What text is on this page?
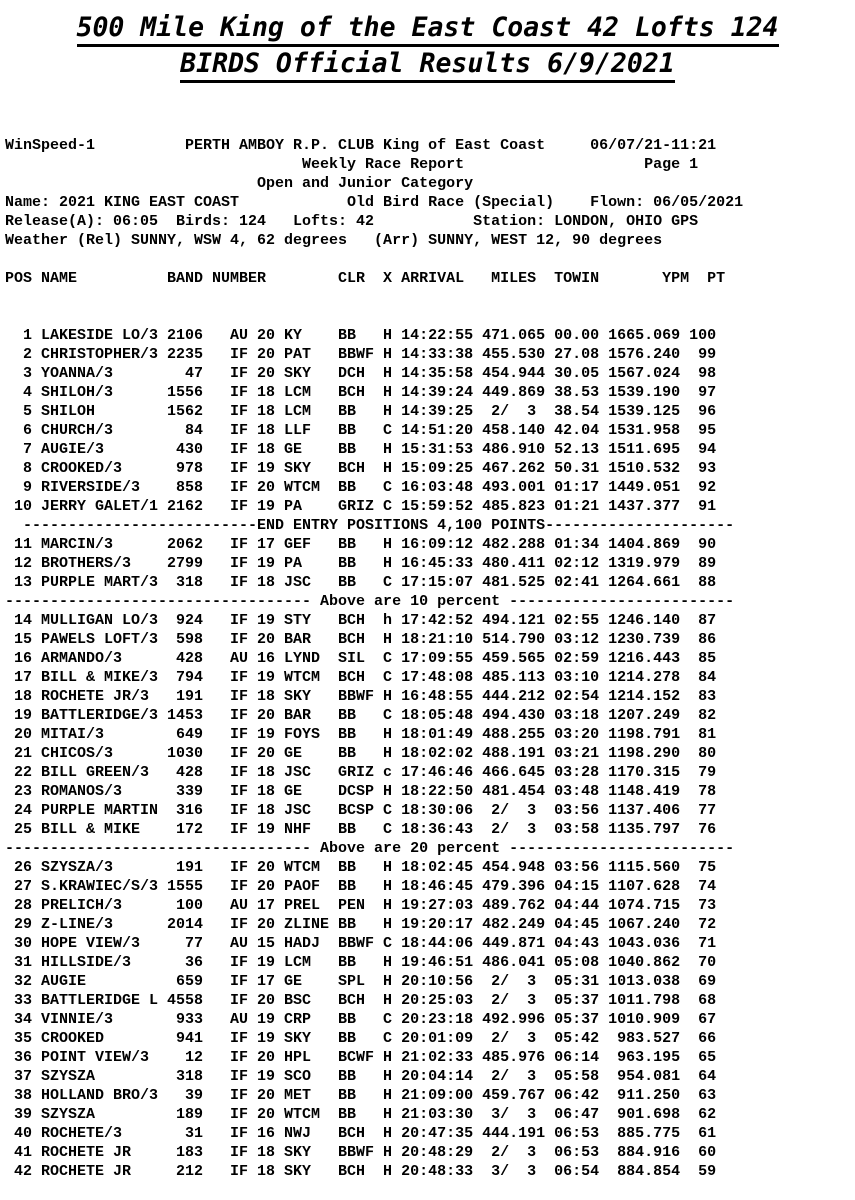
500 Mile King of the East Coast 42 Lofts 124
BIRDS Official Results 6/9/2021

WinSpeed-1          PERTH AMBOY R.P. CLUB King of East Coast     06/07/21-11:21
Weekly Race Report                    Page 1
Open and Junior Category
Name: 2021 KING EAST COAST            Old Bird Race (Special)    Flown: 06/05/2021
Release(A): 06:05  Birds: 124   Lofts: 42           Station: LONDON, OHIO GPS
Weather (Rel) SUNNY, WSW 4, 62 degrees   (Arr) SUNNY, WEST 12, 90 degrees

POS NAME          BAND NUMBER        CLR  X ARRIVAL   MILES  TOWIN       YPM  PT

1 LAKESIDE LO/3 2106   AU 20 KY    BB   H 14:22:55 471.065 00.00 1665.069 100
2 CHRISTOPHER/3 2235   IF 20 PAT   BBWF H 14:33:38 455.530 27.08 1576.240  99
3 YOANNA/3        47   IF 20 SKY   DCH  H 14:35:58 454.944 30.05 1567.024  98
4 SHILOH/3      1556   IF 18 LCM   BCH  H 14:39:24 449.869 38.53 1539.190  97
5 SHILOH        1562   IF 18 LCM   BB   H 14:39:25  2/  3  38.54 1539.125  96
6 CHURCH/3        84   IF 18 LLF   BB   C 14:51:20 458.140 42.04 1531.958  95
7 AUGIE/3        430   IF 18 GE    BB   H 15:31:53 486.910 52.13 1511.695  94
8 CROOKED/3      978   IF 19 SKY   BCH  H 15:09:25 467.262 50.31 1510.532  93
9 RIVERSIDE/3    858   IF 20 WTCM  BB   C 16:03:48 493.001 01:17 1449.051  92
10 JERRY GALET/1 2162   IF 19 PA    GRIZ C 15:59:52 485.823 01:21 1437.377  91
--------------------------END ENTRY POSITIONS 4,100 POINTS---------------------
11 MARCIN/3      2062   IF 17 GEF   BB   H 16:09:12 482.288 01:34 1404.869  90
12 BROTHERS/3    2799   IF 19 PA    BB   H 16:45:33 480.411 02:12 1319.979  89
13 PURPLE MART/3  318   IF 18 JSC   BB   C 17:15:07 481.525 02:41 1264.661  88
---------------------------------- Above are 10 percent -------------------------
14 MULLIGAN LO/3  924   IF 19 STY   BCH  h 17:42:52 494.121 02:55 1246.140  87
15 PAWELS LOFT/3  598   IF 20 BAR   BCH  H 18:21:10 514.790 03:12 1230.739  86
16 ARMANDO/3      428   AU 16 LYND  SIL  C 17:09:55 459.565 02:59 1216.443  85
17 BILL & MIKE/3  794   IF 19 WTCM  BCH  C 17:48:08 485.113 03:10 1214.278  84
18 ROCHETE JR/3   191   IF 18 SKY   BBWF H 16:48:55 444.212 02:54 1214.152  83
19 BATTLERIDGE/3 1453   IF 20 BAR   BB   C 18:05:48 494.430 03:18 1207.249  82
20 MITAI/3        649   IF 19 FOYS  BB   H 18:01:49 488.255 03:20 1198.791  81
21 CHICOS/3      1030   IF 20 GE    BB   H 18:02:02 488.191 03:21 1198.290  80
22 BILL GREEN/3   428   IF 18 JSC   GRIZ c 17:46:46 466.645 03:28 1170.315  79
23 ROMANOS/3      339   IF 18 GE    DCSP H 18:22:50 481.454 03:48 1148.419  78
24 PURPLE MARTIN  316   IF 18 JSC   BCSP C 18:30:06  2/  3  03:56 1137.406  77
25 BILL & MIKE    172   IF 19 NHF   BB   C 18:36:43  2/  3  03:58 1135.797  76
---------------------------------- Above are 20 percent -------------------------
26 SZYSZA/3       191   IF 20 WTCM  BB   H 18:02:45 454.948 03:56 1115.560  75
27 S.KRAWIEC/S/3 1555   IF 20 PAOF  BB   H 18:46:45 479.396 04:15 1107.628  74
28 PRELICH/3      100   AU 17 PREL  PEN  H 19:27:03 489.762 04:44 1074.715  73
29 Z-LINE/3      2014   IF 20 ZLINE BB   H 19:20:17 482.249 04:45 1067.240  72
30 HOPE VIEW/3     77   AU 15 HADJ  BBWF C 18:44:06 449.871 04:43 1043.036  71
31 HILLSIDE/3      36   IF 19 LCM   BB   H 19:46:51 486.041 05:08 1040.862  70
32 AUGIE          659   IF 17 GE    SPL  H 20:10:56  2/  3  05:31 1013.038  69
33 BATTLERIDGE L 4558   IF 20 BSC   BCH  H 20:25:03  2/  3  05:37 1011.798  68
34 VINNIE/3       933   AU 19 CRP   BB   C 20:23:18 492.996 05:37 1010.909  67
35 CROOKED        941   IF 19 SKY   BB   C 20:01:09  2/  3  05:42  983.527  66
36 POINT VIEW/3    12   IF 20 HPL   BCWF H 21:02:33 485.976 06:14  963.195  65
37 SZYSZA         318   IF 19 SCO   BB   H 20:04:14  2/  3  05:58  954.081  64
38 HOLLAND BRO/3   39   IF 20 MET   BB   H 21:09:00 459.767 06:42  911.250  63
39 SZYSZA         189   IF 20 WTCM  BB   H 21:03:30  3/  3  06:47  901.698  62
40 ROCHETE/3       31   IF 16 NWJ   BCH  H 20:47:35 444.191 06:53  885.775  61
41 ROCHETE JR     183   IF 18 SKY   BBWF H 20:48:29  2/  3  06:53  884.916  60
42 ROCHETE JR     212   IF 18 SKY   BCH  H 20:48:33  3/  3  06:54  884.854  59
